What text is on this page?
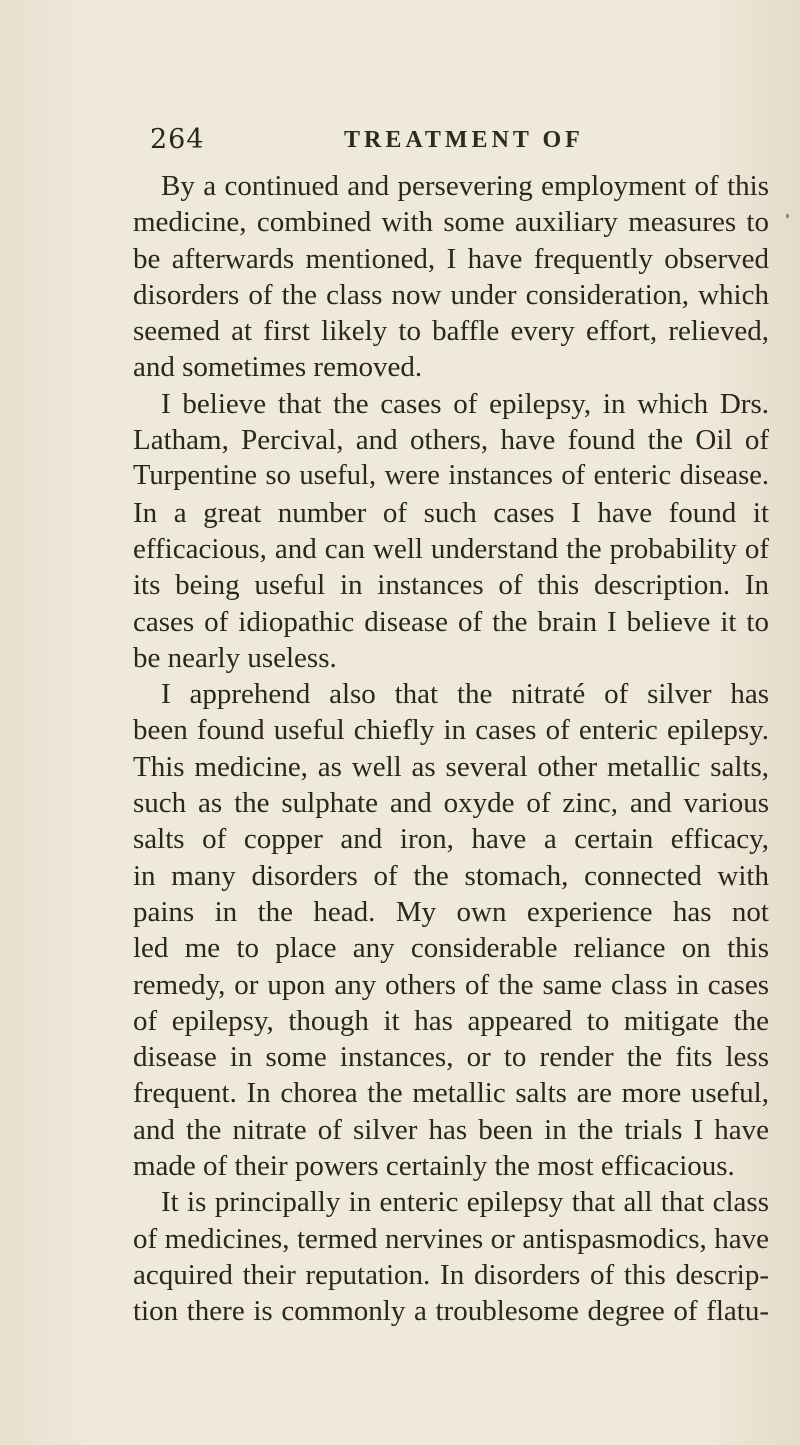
264	TREATMENT OF
By a continued and persevering employment of this
medicine, combined with some auxiliary measures to
be afterwards mentioned, I have frequently observed
disorders of the class now under consideration, which
seemed at first likely to baffle every effort, relieved,
and sometimes removed.
I believe that the cases of epilepsy, in which Drs.
Latham, Percival, and others, have found the Oil of
Turpentine so useful, were instances of enteric disease.
In a great number of such cases I have found it
efficacious, and can well understand the probability of
its being useful in instances of this description. In
cases of idiopathic disease of the brain I believe it to
be nearly useless.
I apprehend also that the nitraté of silver has
been found useful chiefly in cases of enteric epilepsy.
This medicine, as well as several other metallic salts,
such as the sulphate and oxyde of zinc, and various
salts of copper and iron, have a certain efficacy,
in many disorders of the stomach, connected with
pains in the head. My own experience has not
led me to place any considerable reliance on this
remedy, or upon any others of the same class in cases
of epilepsy, though it has appeared to mitigate the
disease in some instances, or to render the fits less
frequent. In chorea the metallic salts are more useful,
and the nitrate of silver has been in the trials I have
made of their powers certainly the most efficacious.
It is principally in enteric epilepsy that all that class
of medicines, termed nervines or antispasmodics, have
acquired their reputation. In disorders of this descrip-
tion there is commonly a troublesome degree of flatu-
